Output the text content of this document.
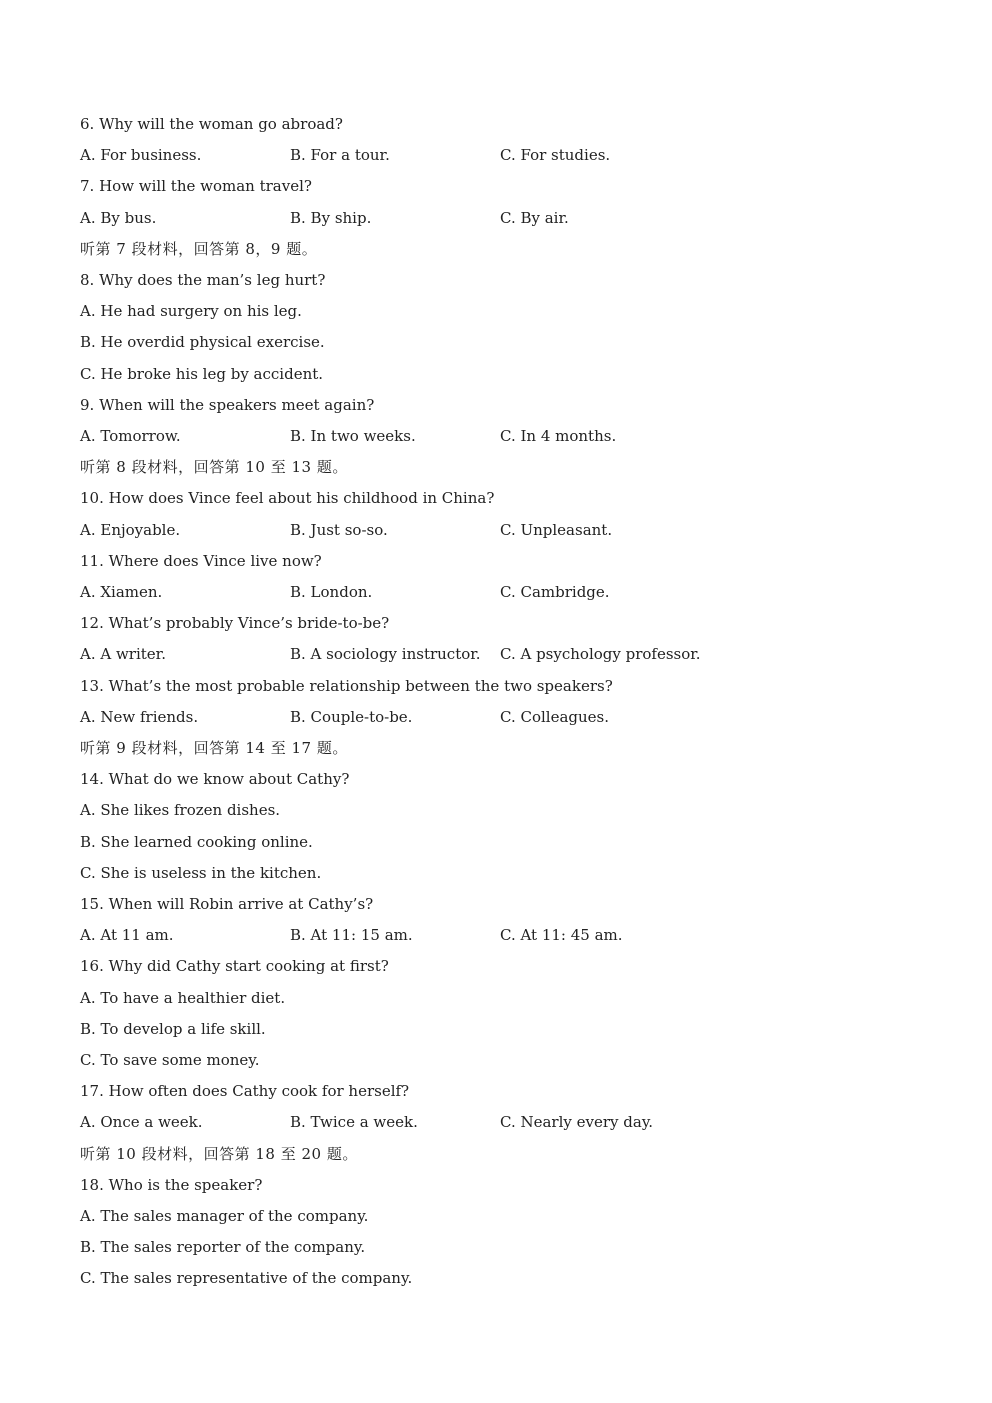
6. Why will the woman go abroad?
A. For business.	B. For a tour.	C. For studies.
7. How will the woman travel?
A. By bus.	B. By ship.	C. By air.
听第 7 段材料，回答第 8，9 题。
8. Why does the man’s leg hurt?
A. He had surgery on his leg.
B. He overdid physical exercise.
C. He broke his leg by accident.
9. When will the speakers meet again?
A. Tomorrow.	B. In two weeks.	C. In 4 months.
听第 8 段材料，回答第 10 至 13 题。
10. How does Vince feel about his childhood in China?
A. Enjoyable.	B. Just so-so.	C. Unpleasant.
11. Where does Vince live now?
A. Xiamen.	B. London.	C. Cambridge.
12. What’s probably Vince’s bride-to-be?
A. A writer.	B. A sociology instructor. C. A psychology professor.
13. What’s the most probable relationship between the two speakers?
A. New friends.	B. Couple-to-be.	C. Colleagues.
听第 9 段材料，回答第 14 至 17 题。
14. What do we know about Cathy?
A. She likes frozen dishes.
B. She learned cooking online.
C. She is useless in the kitchen.
15. When will Robin arrive at Cathy’s?
A. At 11 am.	B. At 11: 15 am.	C. At 11: 45 am.
16. Why did Cathy start cooking at first?
A. To have a healthier diet.
B. To develop a life skill.
C. To save some money.
17. How often does Cathy cook for herself?
A. Once a week.	B. Twice a week.	C. Nearly every day.
听第 10 段材料，回答第 18 至 20 题。
18. Who is the speaker?
A. The sales manager of the company.
B. The sales reporter of the company.
C. The sales representative of the company.
